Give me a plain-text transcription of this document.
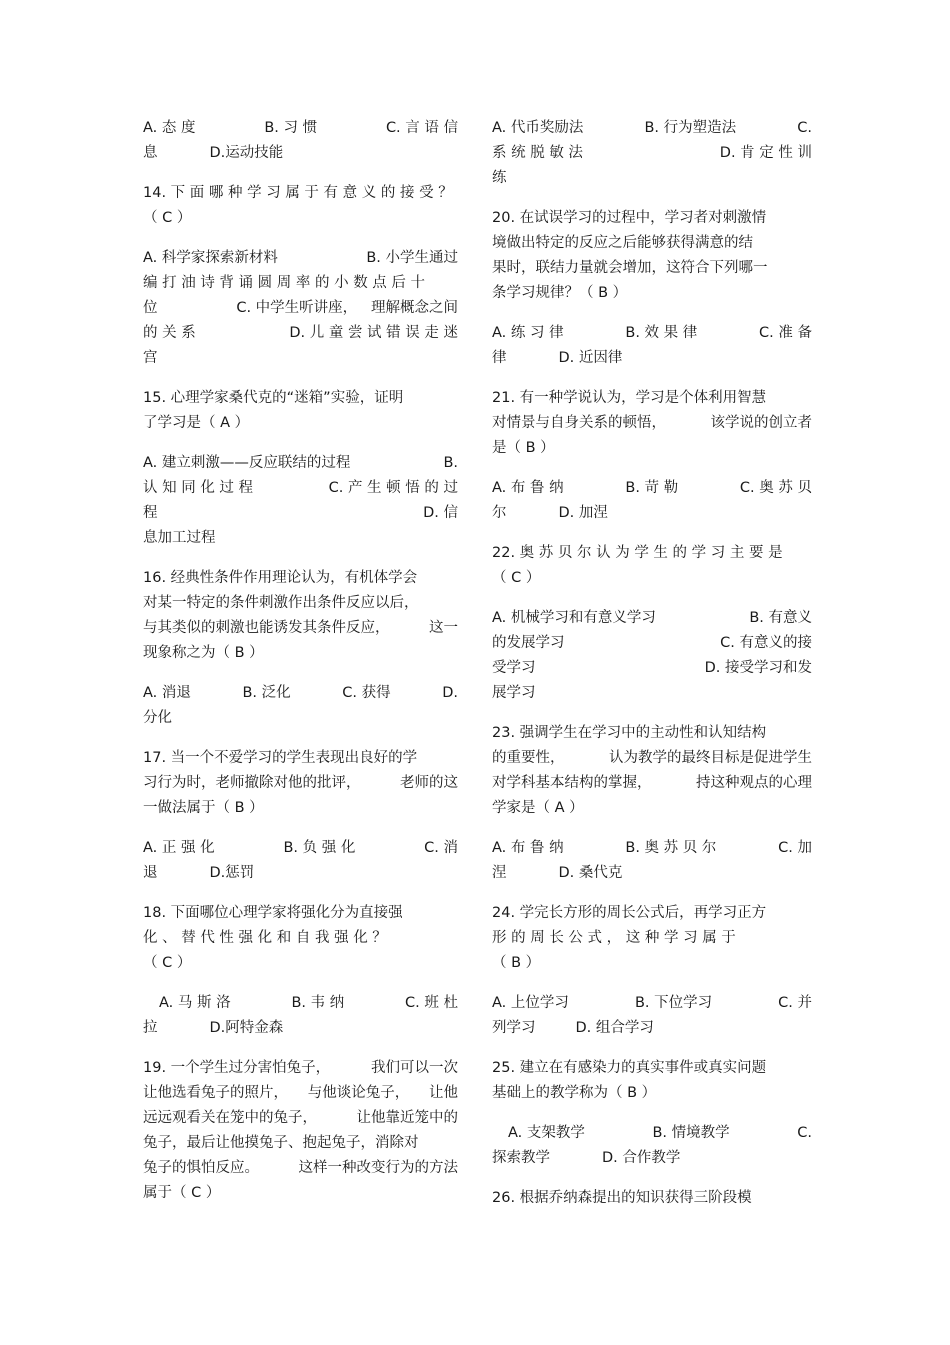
A. 态 度	B. 习 惯	C. 言 语 信

息	D.运动技能

14. 下 面 哪 种 学 习 属 于 有 意 义 的 接 受 ？

（ C ）

A. 科学家探索新材料	B. 小学生通过

编 打 油 诗 背 诵 圆 周 率 的 小 数 点 后 十

位	C. 中学生听讲座， 理解概念之间

的 关 系	D. 儿 童 尝 试 错 误 走 迷

宫

15. 心理学家桑代克的“迷箱”实验，证明

了学习是（ A ）

A. 建立刺激——反应联结的过程	B.

认 知 同 化 过 程	C. 产 生 顿 悟 的 过

程	D. 信

息加工过程

16. 经典性条件作用理论认为，有机体学会

对某一特定的条件刺激作出条件反应以后，

与其类似的刺激也能诱发其条件反应，	这一

现象称之为（ B ）

A. 消退	B. 泛化	C. 获得	D.

分化

17. 当一个不爱学习的学生表现出良好的学

习行为时，老师撤除对他的批评，	老师的这

一做法属于（ B ）

A. 正 强 化	B. 负 强 化	C. 消

退	D.惩罚

18. 下面哪位心理学家将强化分为直接强

化 、 替 代 性 强 化 和 自 我 强 化 ？

（ C ）

A. 马 斯 洛	B. 韦 纳	C. 班 杜

拉	D.阿特金森

19. 一个学生过分害怕兔子，	我们可以一次

让他选看兔子的照片， 与他谈论兔子， 让他

远远观看关在笼中的兔子，	让他靠近笼中的

兔子，最后让他摸兔子、抱起兔子，消除对

兔子的惧怕反应。	这样一种改变行为的方法

属于（ C ）

A. 代币奖励法	B. 行为塑造法	C.

系 统 脱 敏 法	D. 肯 定 性 训

练

20. 在试误学习的过程中，学习者对刺激情

境做出特定的反应之后能够获得满意的结

果时，联结力量就会增加，这符合下列哪一

条学习规律？（ B ）

A. 练 习 律	B. 效 果 律	C. 准 备

律	D. 近因律

21. 有一种学说认为，学习是个体利用智慧

对情景与自身关系的顿悟，	该学说的创立者

是（ B ）

A. 布 鲁 纳	B. 苛 勒	C. 奥 苏 贝

尔	D. 加涅

22. 奥 苏 贝 尔 认 为 学 生 的 学 习 主 要 是

（ C ）

A. 机械学习和有意义学习	B. 有意义

的发展学习	C. 有意义的接

受学习	D. 接受学习和发

展学习

23. 强调学生在学习中的主动性和认知结构

的重要性，	认为教学的最终目标是促进学生

对学科基本结构的掌握，	持这种观点的心理

学家是（ A ）

A. 布 鲁 纳	B. 奥 苏 贝 尔	C. 加

涅	D. 桑代克

24. 学完长方形的周长公式后，再学习正方

形 的 周 长 公 式 ， 这 种 学 习 属 于

（ B ）

A. 上位学习	B. 下位学习	C. 并

列学习	D. 组合学习

25. 建立在有感染力的真实事件或真实问题

基础上的教学称为（ B ）

A. 支架教学	B. 情境教学	C.

探索教学	D. 合作教学

26. 根据乔纳森提出的知识获得三阶段模
